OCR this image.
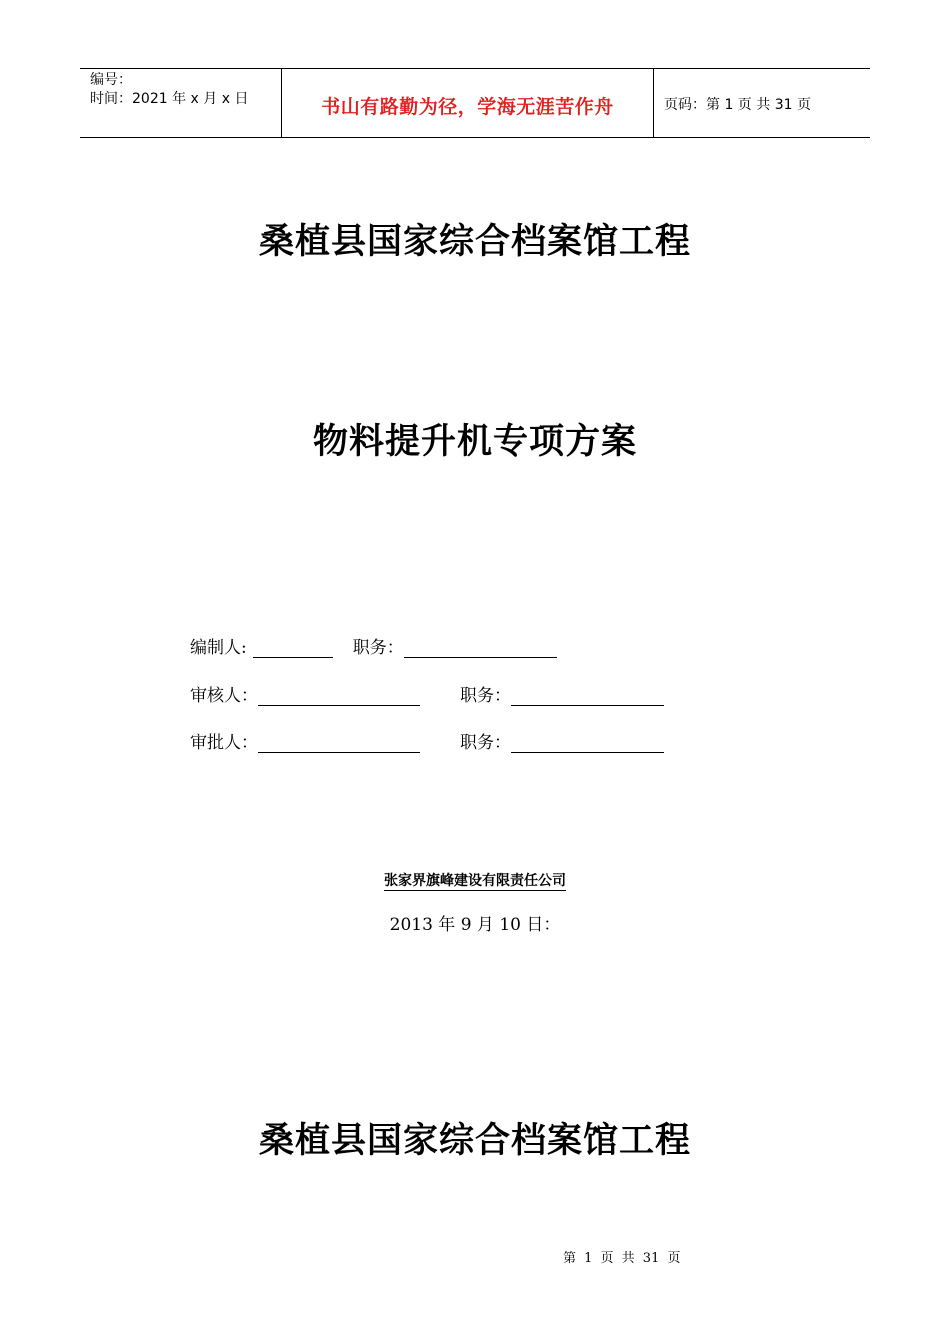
编号：
时间：2021 年 x 月 x 日	书山有路勤为径，学海无涯苦作舟	页码：第 1 页 共 31 页
桑植县国家综合档案馆工程
物料提升机专项方案
编制人:	职务：
审核人：	职务：
审批人：	职务：
张家界旗峰建设有限责任公司
2013 年 9 月 10 日：
桑植县国家综合档案馆工程
第 1 页 共 31 页
